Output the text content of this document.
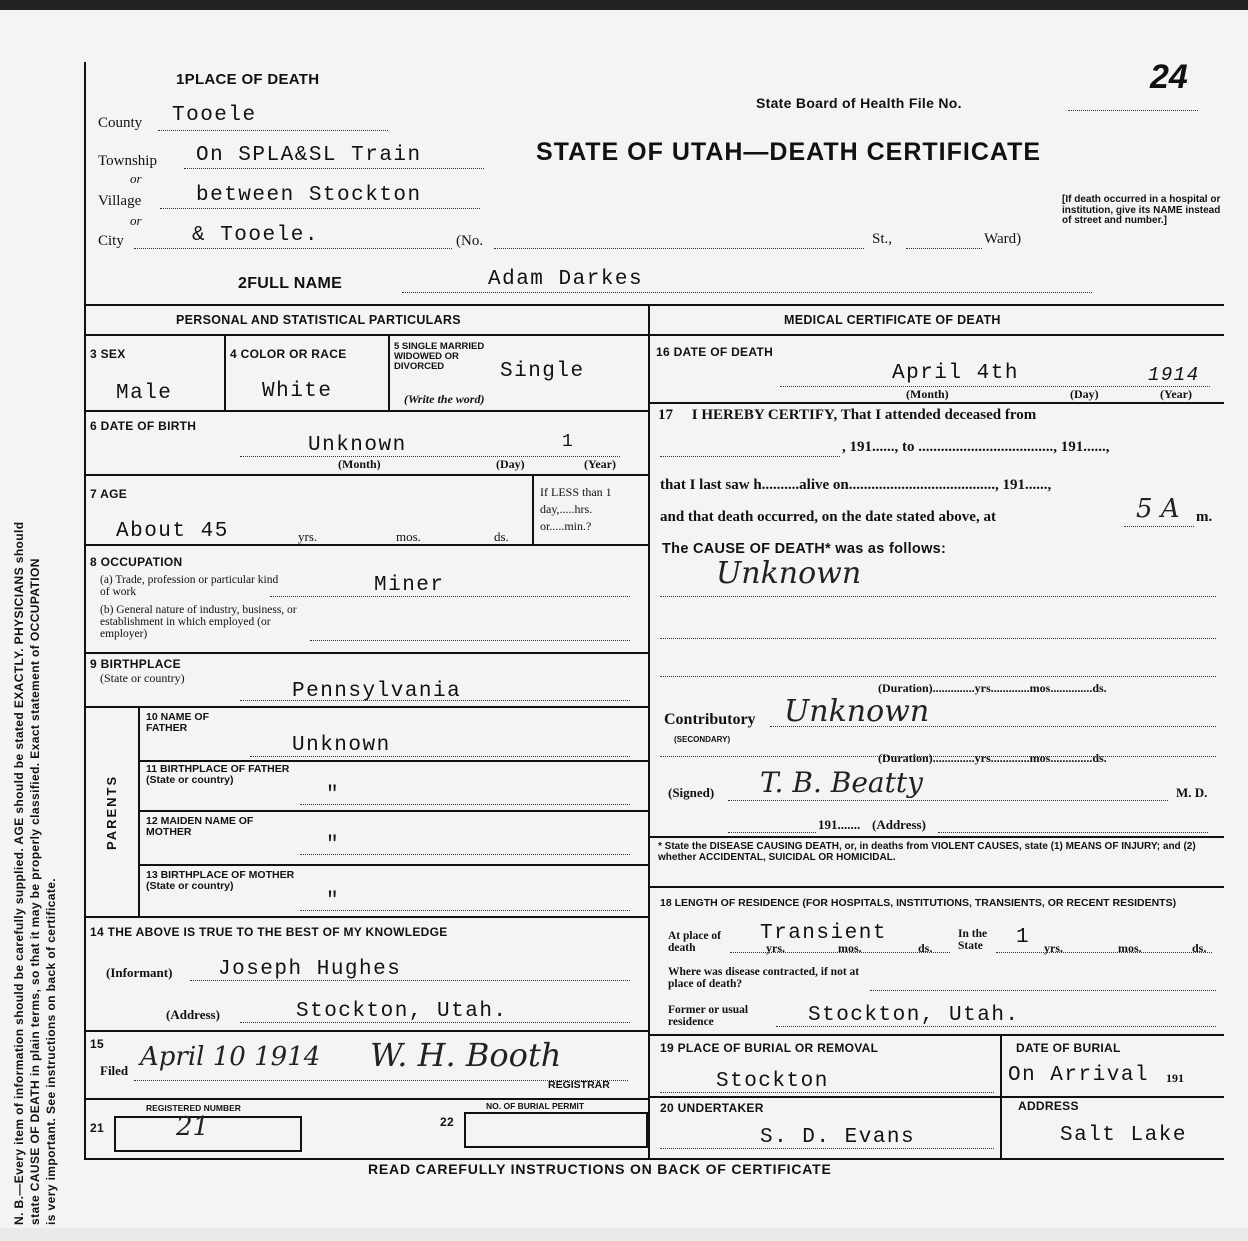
N. B.—Every item of information should be carefully supplied. AGE should be stated EXACTLY. PHYSICIANS should state CAUSE OF DEATH in plain terms, so that it may be properly classified. Exact statement of OCCUPATION is very important. See instructions on back of certificate.
1PLACE OF DEATH
State Board of Health File No.
24
STATE OF UTAH—DEATH CERTIFICATE
[If death occurred in a hospital or institution, give its NAME instead of street and number.]
County Tooele
Township On SPLA&SL Train
or
Village	between Stockton
or
City	& Tooele.	(No.	St.,	Ward)
2FULL NAME	Adam Darkes
PERSONAL AND STATISTICAL PARTICULARS
3 SEX
Male
4 COLOR OR RACE
White
5 SINGLE MARRIED WIDOWED OR DIVORCED	Single
(Write the word)
6 DATE OF BIRTH
Unknown	1
(Month)	(Day)	(Year)
7 AGE
About 45	yrs.	mos.	ds.
If LESS than 1 day,.....hrs. or.....min.?
8 OCCUPATION
(a) Trade, profession or particular kind of work	Miner
(b) General nature of industry, business, or establishment in which employed (or employer)
9 BIRTHPLACE
(State or country)
Pennsylvania
PARENTS
10 NAME OF FATHER
Unknown
11 BIRTHPLACE OF FATHER (State or country)
"
12 MAIDEN NAME OF MOTHER
"
13 BIRTHPLACE OF MOTHER (State or country)
"
14 THE ABOVE IS TRUE TO THE BEST OF MY KNOWLEDGE
(Informant) Joseph Hughes
(Address)	Stockton, Utah.
15
Filed April 10 1914 W. H. Booth
REGISTRAR
REGISTERED NUMBER
21	21	22
NO. OF BURIAL PERMIT
MEDICAL CERTIFICATE OF DEATH
16 DATE OF DEATH
April 4th	1914
(Month)	(Day)	(Year)
17     I HEREBY CERTIFY, That I attended deceased from
, 191......, to ...................................., 191......,
that I last saw h..........alive on......................................., 191......,
and that death occurred, on the date stated above, at	5 A m.
The CAUSE OF DEATH* was as follows:
Unknown
(Duration)..............yrs.............mos..............ds.
Contributory
(SECONDARY)
Unknown
(Duration)..............yrs.............mos..............ds.
(Signed) T. B. Beatty	M. D.
191....... (Address)
* State the DISEASE CAUSING DEATH, or, in deaths from VIOLENT CAUSES, state (1) MEANS OF INJURY; and (2) whether ACCIDENTAL, SUICIDAL OR HOMICIDAL.
18 LENGTH OF RESIDENCE (FOR HOSPITALS, INSTITUTIONS, TRANSIENTS, OR RECENT RESIDENTS)
At place of death
Transient
yrs.	mos.	ds.
In the State	1 yrs.	mos.	ds.
Where was disease contracted, if not at place of death?
Former or usual residence	Stockton, Utah.
19 PLACE OF BURIAL OR REMOVAL
Stockton
DATE OF BURIAL
On Arrival 191
20 UNDERTAKER
S. D. Evans
ADDRESS
Salt Lake
READ CAREFULLY INSTRUCTIONS ON BACK OF CERTIFICATE
